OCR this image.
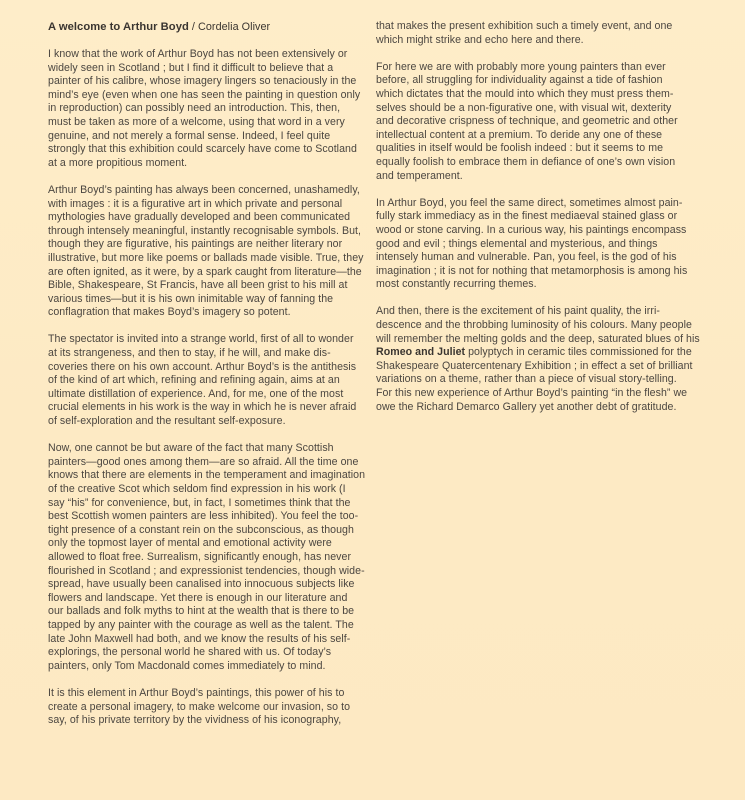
A welcome to Arthur Boyd / Cordelia Oliver

I know that the work of Arthur Boyd has not been extensively or
widely seen in Scotland ; but I find it difficult to believe that a
painter of his calibre, whose imagery lingers so tenaciously in the
mind’s eye (even when one has seen the painting in question only
in reproduction) can possibly need an introduction. This, then,
must be taken as more of a welcome, using that word in a very
genuine, and not merely a formal sense. Indeed, I feel quite
strongly that this exhibition could scarcely have come to Scotland
at a more propitious moment.

Arthur Boyd’s painting has always been concerned, unashamedly,
with images : it is a figurative art in which private and personal
mythologies have gradually developed and been communicated
through intensely meaningful, instantly recognisable symbols. But,
though they are figurative, his paintings are neither literary nor
illustrative, but more like poems or ballads made visible. True, they
are often ignited, as it were, by a spark caught from literature—the
Bible, Shakespeare, St Francis, have all been grist to his mill at
various times—but it is his own inimitable way of fanning the
conflagration that makes Boyd’s imagery so potent.

The spectator is invited into a strange world, first of all to wonder
at its strangeness, and then to stay, if he will, and make dis-
coveries there on his own account. Arthur Boyd’s is the antithesis
of the kind of art which, refining and refining again, aims at an
ultimate distillation of experience. And, for me, one of the most
crucial elements in his work is the way in which he is never afraid
of self-exploration and the resultant self-exposure.

Now, one cannot be but aware of the fact that many Scottish
painters—good ones among them—are so afraid. All the time one
knows that there are elements in the temperament and imagination
of the creative Scot which seldom find expression in his work (I
say “his” for convenience, but, in fact, I sometimes think that the
best Scottish women painters are less inhibited). You feel the too-
tight presence of a constant rein on the subconscious, as though
only the topmost layer of mental and emotional activity were
allowed to float free. Surrealism, significantly enough, has never
flourished in Scotland ; and expressionist tendencies, though wide-
spread, have usually been canalised into innocuous subjects like
flowers and landscape. Yet there is enough in our literature and
our ballads and folk myths to hint at the wealth that is there to be
tapped by any painter with the courage as well as the talent. The
late John Maxwell had both, and we know the results of his self-
explorings, the personal world he shared with us. Of today’s
painters, only Tom Macdonald comes immediately to mind.

It is this element in Arthur Boyd’s paintings, this power of his to
create a personal imagery, to make welcome our invasion, so to
say, of his private territory by the vividness of his iconography,

that makes the present exhibition such a timely event, and one
which might strike and echo here and there.

For here we are with probably more young painters than ever
before, all struggling for individuality against a tide of fashion
which dictates that the mould into which they must press them-
selves should be a non-figurative one, with visual wit, dexterity
and decorative crispness of technique, and geometric and other
intellectual content at a premium. To deride any one of these
qualities in itself would be foolish indeed : but it seems to me
equally foolish to embrace them in defiance of one’s own vision
and temperament.

In Arthur Boyd, you feel the same direct, sometimes almost pain-
fully stark immediacy as in the finest mediaeval stained glass or
wood or stone carving. In a curious way, his paintings encompass
good and evil ; things elemental and mysterious, and things
intensely human and vulnerable. Pan, you feel, is the god of his
imagination ; it is not for nothing that metamorphosis is among his
most constantly recurring themes.

And then, there is the excitement of his paint quality, the irri-
descence and the throbbing luminosity of his colours. Many people
will remember the melting golds and the deep, saturated blues of his
Romeo and Juliet polyptych in ceramic tiles commissioned for the
Shakespeare Quatercentenary Exhibition ; in effect a set of brilliant
variations on a theme, rather than a piece of visual story-telling.
For this new experience of Arthur Boyd’s painting “in the flesh” we
owe the Richard Demarco Gallery yet another debt of gratitude.
